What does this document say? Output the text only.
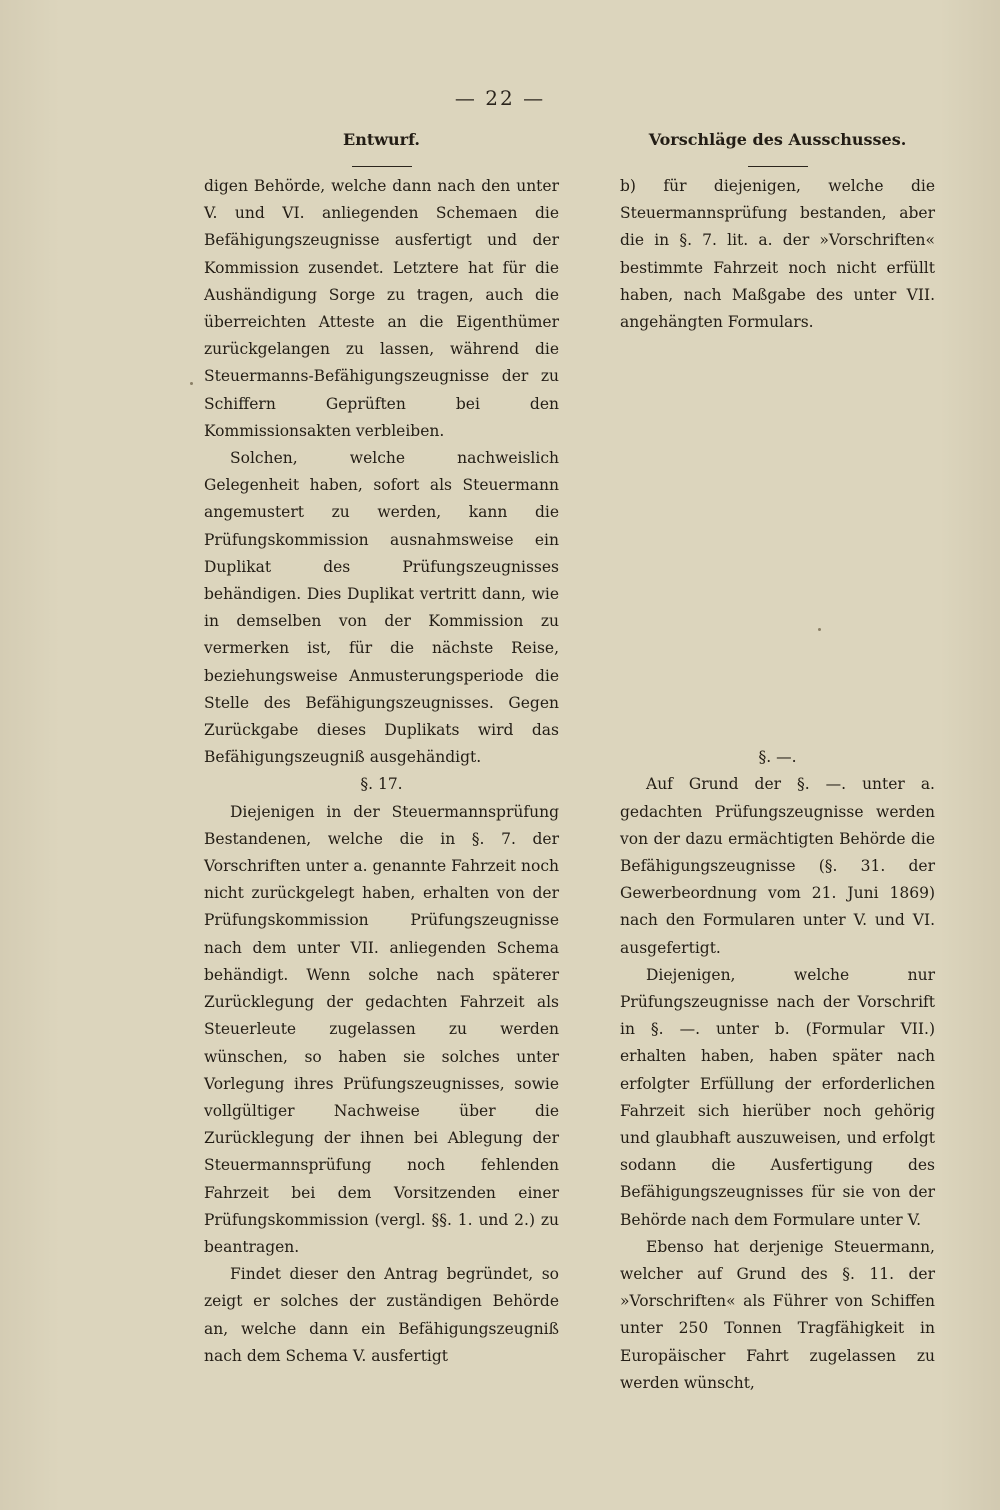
— 22 —
Entwurf.

digen Behörde, welche dann nach den unter V. und VI. anliegenden Schemaen die Befähigungszeugnisse ausfertigt und der Kommission zusendet. Letztere hat für die Aushändigung Sorge zu tragen, auch die überreichten Atteste an die Eigenthümer zurückgelangen zu lassen, während die Steuermanns-Befähigungszeugnisse der zu Schiffern Geprüften bei den Kommissionsakten verbleiben.

Solchen, welche nachweislich Gelegenheit haben, sofort als Steuermann angemustert zu werden, kann die Prüfungskommission ausnahmsweise ein Duplikat des Prüfungszeugnisses behändigen. Dies Duplikat vertritt dann, wie in demselben von der Kommission zu vermerken ist, für die nächste Reise, beziehungsweise Anmusterungsperiode die Stelle des Befähigungszeugnisses. Gegen Zurückgabe dieses Duplikats wird das Befähigungszeugniß ausgehändigt.

§. 17.

Diejenigen in der Steuermannsprüfung Bestandenen, welche die in §. 7. der Vorschriften unter a. genannte Fahrzeit noch nicht zurückgelegt haben, erhalten von der Prüfungskommission Prüfungszeugnisse nach dem unter VII. anliegenden Schema behändigt. Wenn solche nach späterer Zurücklegung der gedachten Fahrzeit als Steuerleute zugelassen zu werden wünschen, so haben sie solches unter Vorlegung ihres Prüfungszeugnisses, sowie vollgültiger Nachweise über die Zurücklegung der ihnen bei Ablegung der Steuermannsprüfung noch fehlenden Fahrzeit bei dem Vorsitzenden einer Prüfungskommission (vergl. §§. 1. und 2.) zu beantragen.

Findet dieser den Antrag begründet, so zeigt er solches der zuständigen Behörde an, welche dann ein Befähigungszeugniß nach dem Schema V. ausfertigt

Vorschläge des Ausschusses.

b) für diejenigen, welche die Steuermannsprüfung bestanden, aber die in §. 7. lit. a. der »Vorschriften« bestimmte Fahrzeit noch nicht erfüllt haben, nach Maßgabe des unter VII. angehängten Formulars.

§. —.

Auf Grund der §. —. unter a. gedachten Prüfungszeugnisse werden von der dazu ermächtigten Behörde die Befähigungszeugnisse (§. 31. der Gewerbeordnung vom 21. Juni 1869) nach den Formularen unter V. und VI. ausgefertigt.

Diejenigen, welche nur Prüfungszeugnisse nach der Vorschrift in §. —. unter b. (Formular VII.) erhalten haben, haben später nach erfolgter Erfüllung der erforderlichen Fahrzeit sich hierüber noch gehörig und glaubhaft auszuweisen, und erfolgt sodann die Ausfertigung des Befähigungszeugnisses für sie von der Behörde nach dem Formulare unter V.

Ebenso hat derjenige Steuermann, welcher auf Grund des §. 11. der »Vorschriften« als Führer von Schiffen unter 250 Tonnen Tragfähigkeit in Europäischer Fahrt zugelassen zu werden wünscht,
